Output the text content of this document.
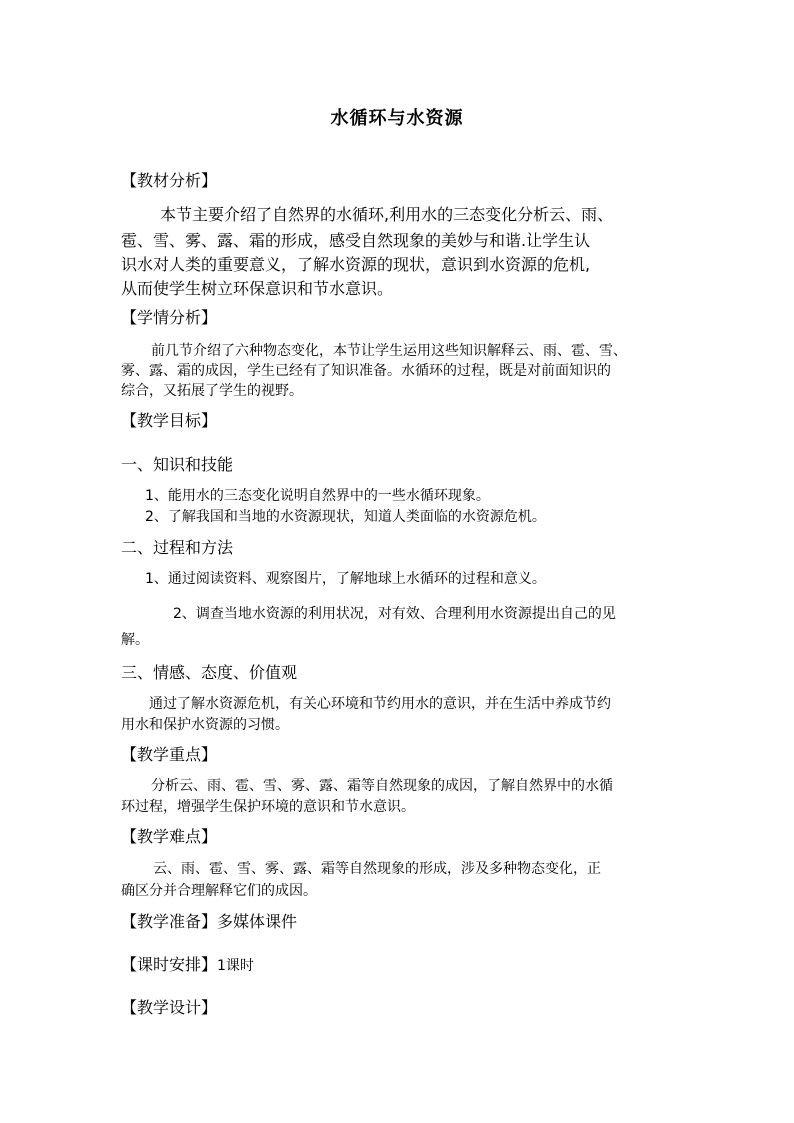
水循环与水资源
【教材分析】
本节主要介绍了自然界的水循环,利用水的三态变化分析云、雨、
雹、雪、雾、露、霜的形成，感受自然现象的美妙与和谐.让学生认
识水对人类的重要意义，了解水资源的现状，意识到水资源的危机,
从而使学生树立环保意识和节水意识。
【学情分析】
前几节介绍了六种物态变化，本节让学生运用这些知识解释云、雨、雹、雪、
雾、露、霜的成因，学生已经有了知识准备。水循环的过程，既是对前面知识的
综合，又拓展了学生的视野。
【教学目标】
一、知识和技能
1、能用水的三态变化说明自然界中的一些水循环现象。
2、了解我国和当地的水资源现状，知道人类面临的水资源危机。
二、过程和方法
1、通过阅读资料、观察图片，了解地球上水循环的过程和意义。
2、调查当地水资源的利用状况，对有效、合理利用水资源提出自己的见
解。
三、情感、态度、价值观
通过了解水资源危机，有关心环境和节约用水的意识，并在生活中养成节约
用水和保护水资源的习惯。
【教学重点】
分析云、雨、雹、雪、雾、露、霜等自然现象的成因，了解自然界中的水循
环过程，增强学生保护环境的意识和节水意识。
【教学难点】
云、雨、雹、雪、雾、露、霜等自然现象的形成，涉及多种物态变化，正
确区分并合理解释它们的成因。
【教学准备】多媒体课件
【课时安排】1课时
【教学设计】
